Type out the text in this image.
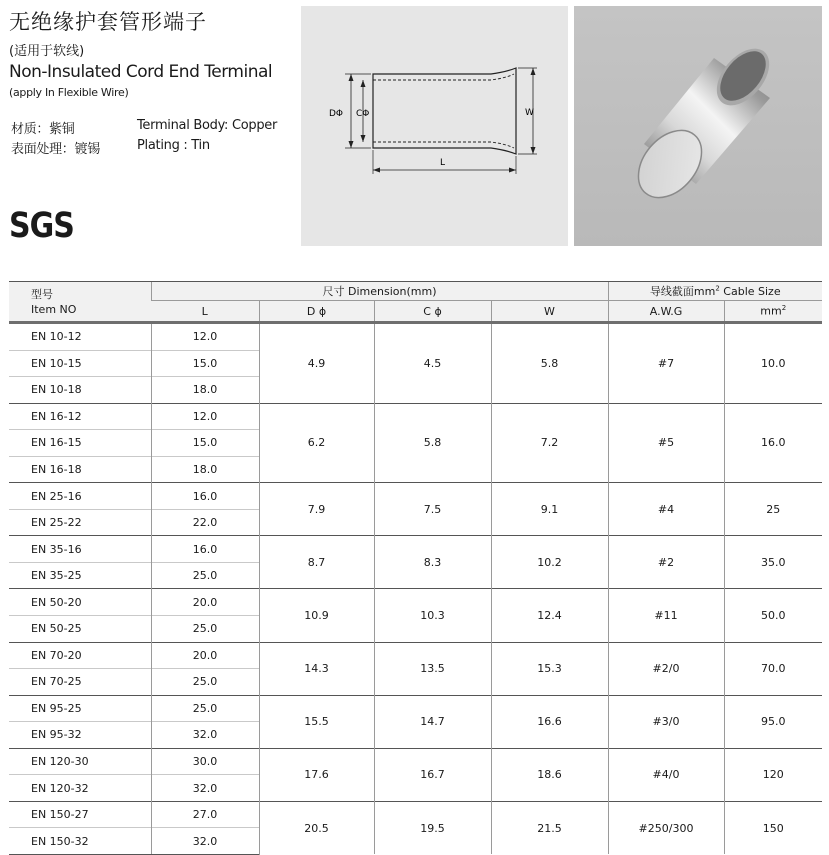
无绝缘护套管形端子
(适用于软线)
Non-Insulated Cord End Terminal
(apply In Flexible Wire)
材质：紫铜	Terminal Body: Copper
表面处理：镀锡	Plating : Tin
SGS
DΦ CΦ	W
L
型号
Item NO	尺寸 Dimension(mm)				导线截面$mm^2$ Cable Size	
	L	D ϕ	C ϕ	W	A.W.G	$mm^2$
EN 10-12	12.0	4.9	4.5	5.8	#7	10.0
EN 10-15	15.0					
EN 10-18	18.0					
EN 16-12	12.0	6.2	5.8	7.2	#5	16.0
EN 16-15	15.0					
EN 16-18	18.0					
EN 25-16	16.0	7.9	7.5	9.1	#4	25
EN 25-22	22.0					
EN 35-16	16.0	8.7	8.3	10.2	#2	35.0
EN 35-25	25.0					
EN 50-20	20.0	10.9	10.3	12.4	#11	50.0
EN 50-25	25.0					
EN 70-20	20.0	14.3	13.5	15.3	#2/0	70.0
EN 70-25	25.0					
EN 95-25	25.0	15.5	14.7	16.6	#3/0	95.0
EN 95-32	32.0					
EN 120-30	30.0	17.6	16.7	18.6	#4/0	120
EN 120-32	32.0					
EN 150-27	27.0	20.5	19.5	21.5	#250/300	150
EN 150-32	32.0					
